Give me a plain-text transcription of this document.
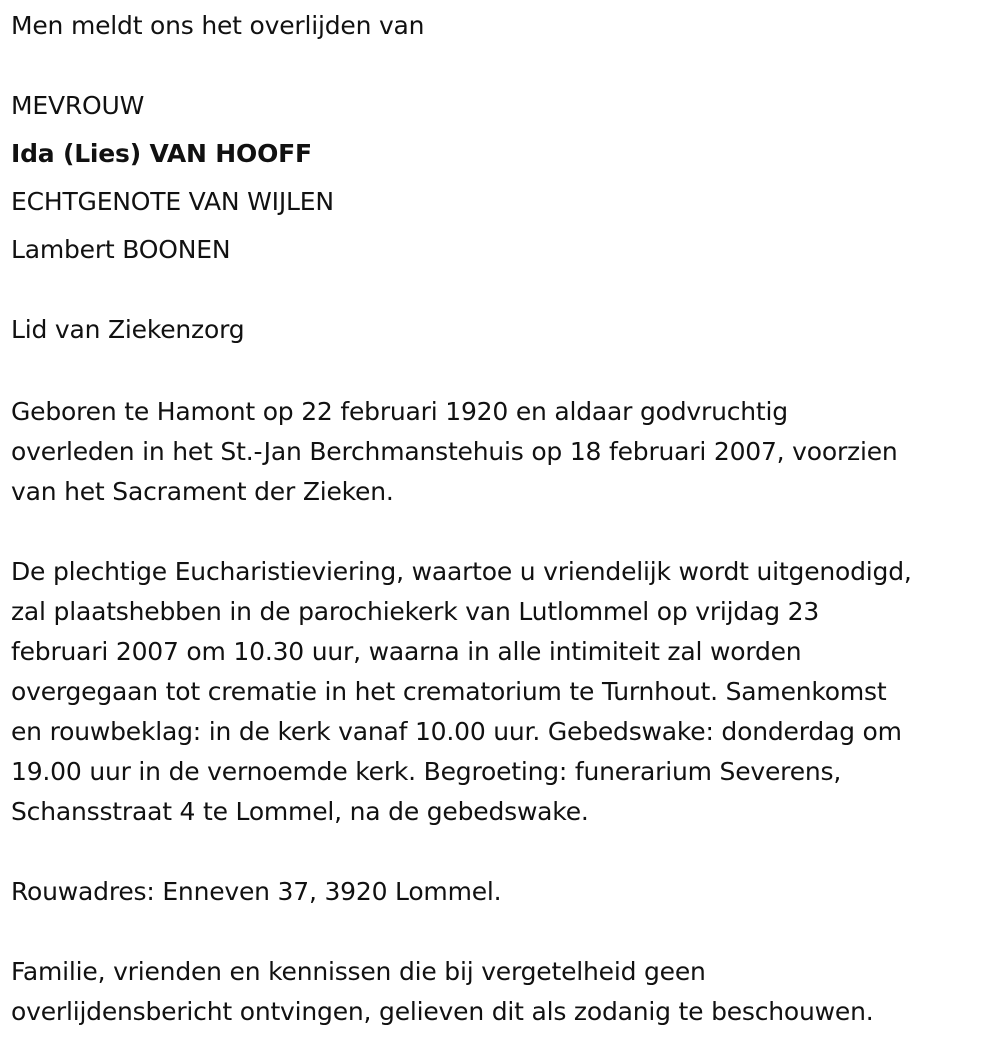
Men meldt ons het overlijden van

MEVROUW

Ida (Lies) VAN HOOFF

ECHTGENOTE VAN WIJLEN

Lambert BOONEN

Lid van Ziekenzorg

Geboren te Hamont op 22 februari 1920 en aldaar godvruchtig
overleden in het St.-Jan Berchmanstehuis op 18 februari 2007, voorzien
van het Sacrament der Zieken.

De plechtige Eucharistieviering, waartoe u vriendelijk wordt uitgenodigd,
zal plaatshebben in de parochiekerk van Lutlommel op vrijdag 23
februari 2007 om 10.30 uur, waarna in alle intimiteit zal worden
overgegaan tot crematie in het crematorium te Turnhout. Samenkomst
en rouwbeklag: in de kerk vanaf 10.00 uur. Gebedswake: donderdag om
19.00 uur in de vernoemde kerk. Begroeting: funerarium Severens,
Schansstraat 4 te Lommel, na de gebedswake.

Rouwadres: Enneven 37, 3920 Lommel.

Familie, vrienden en kennissen die bij vergetelheid geen
overlijdensbericht ontvingen, gelieven dit als zodanig te beschouwen.
